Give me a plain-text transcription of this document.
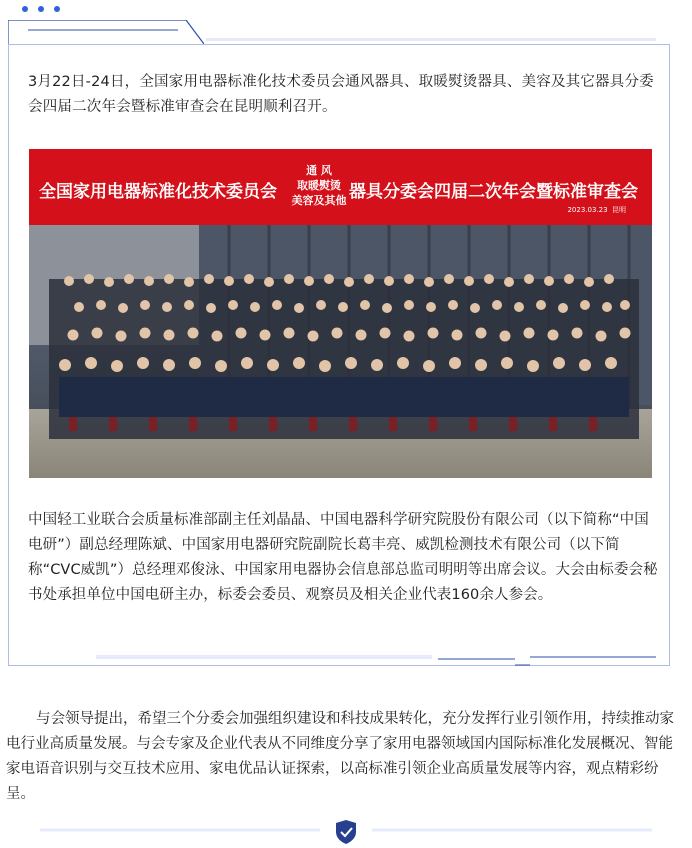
3月22日-24日，全国家用电器标准化技术委员会通风器具、取暖熨烫器具、美容及其它器具分委会四届二次年会暨标准审查会在昆明顺利召开。

全国家用电器标准化技术委员会
通 风
取暖熨烫
美容及其他 器具分委会四届二次年会暨标准审查会
2023.03.23  昆明

中国轻工业联合会质量标准部副主任刘晶晶、中国电器科学研究院股份有限公司（以下简称“中国电研”）副总经理陈斌、中国家用电器研究院副院长葛丰亮、威凯检测技术有限公司（以下简称“CVC威凯”）总经理邓俊泳、中国家用电器协会信息部总监司明明等出席会议。大会由标委会秘书处承担单位中国电研主办，标委会委员、观察员及相关企业代表160余人参会。

与会领导提出，希望三个分委会加强组织建设和科技成果转化，充分发挥行业引领作用，持续推动家电行业高质量发展。与会专家及企业代表从不同维度分享了家用电器领域国内国际标准化发展概况、智能家电语音识别与交互技术应用、家电优品认证探索，以高标准引领企业高质量发展等内容，观点精彩纷呈。
